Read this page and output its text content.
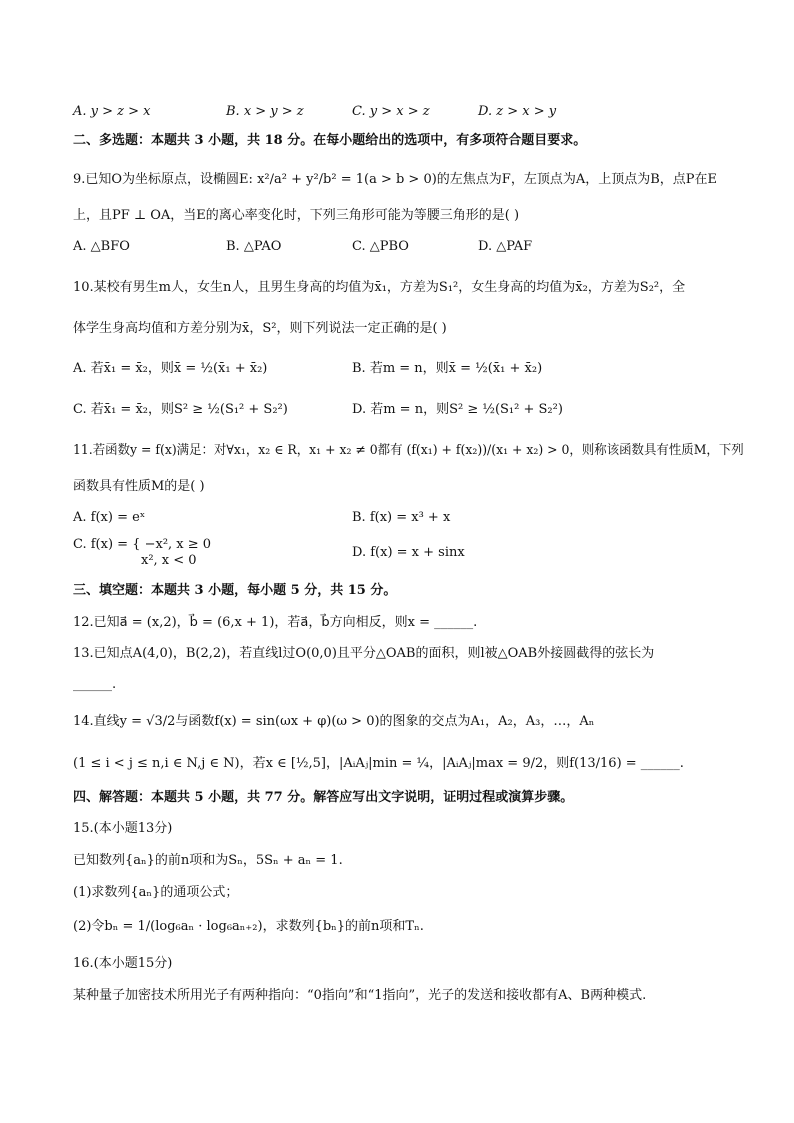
A. y > z > x	B. x > y > z	C. y > x > z	D. z > x > y
二、多选题：本题共 3 小题，共 18 分。在每小题给出的选项中，有多项符合题目要求。
9.已知O为坐标原点，设椭圆E: x²/a² + y²/b² = 1(a > b > 0)的左焦点为F，左顶点为A，上顶点为B，点P在E
上，且PF ⊥ OA，当E的离心率变化时，下列三角形可能为等腰三角形的是( )
A. △BFO	B. △PAO	C. △PBO	D. △PAF
10.某校有男生m人，女生n人，且男生身高的均值为x̄₁，方差为S₁²，女生身高的均值为x̄₂，方差为S₂²，全
体学生身高均值和方差分别为x̄，S²，则下列说法一定正确的是( )
A. 若x̄₁ = x̄₂，则x̄ = ½(x̄₁ + x̄₂)	B. 若m = n，则x̄ = ½(x̄₁ + x̄₂)
C. 若x̄₁ = x̄₂，则S² ≥ ½(S₁² + S₂²)	D. 若m = n，则S² ≥ ½(S₁² + S₂²)
11.若函数y = f(x)满足：对∀x₁，x₂ ∈ R，x₁ + x₂ ≠ 0都有 (f(x₁) + f(x₂))/(x₁ + x₂) > 0，则称该函数具有性质M，下列
函数具有性质M的是( )
A. f(x) = eˣ	B. f(x) = x³ + x
C. f(x) = { −x², x ≥ 0
x², x < 0
D. f(x) = x + sinx
三、填空题：本题共 3 小题，每小题 5 分，共 15 分。
12.已知a⃗ = (x,2)，b⃗ = (6,x + 1)，若a⃗，b⃗方向相反，则x = ______.
13.已知点A(4,0)，B(2,2)，若直线l过O(0,0)且平分△OAB的面积，则l被△OAB外接圆截得的弦长为
______.
14.直线y = √3/2与函数f(x) = sin(ωx + φ)(ω > 0)的图象的交点为A₁，A₂，A₃，…，Aₙ
(1 ≤ i < j ≤ n,i ∈ N,j ∈ N)，若x ∈ [½,5]，|AᵢAⱼ|min = ¼，|AᵢAⱼ|max = 9/2，则f(13/16) = ______.
四、解答题：本题共 5 小题，共 77 分。解答应写出文字说明，证明过程或演算步骤。
15.(本小题13分)
已知数列{aₙ}的前n项和为Sₙ，5Sₙ + aₙ = 1.
(1)求数列{aₙ}的通项公式；
(2)令bₙ = 1/(log₆aₙ · log₆aₙ₊₂)，求数列{bₙ}的前n项和Tₙ.
16.(本小题15分)
某种量子加密技术所用光子有两种指向：“0指向”和“1指向”，光子的发送和接收都有A、B两种模式.
